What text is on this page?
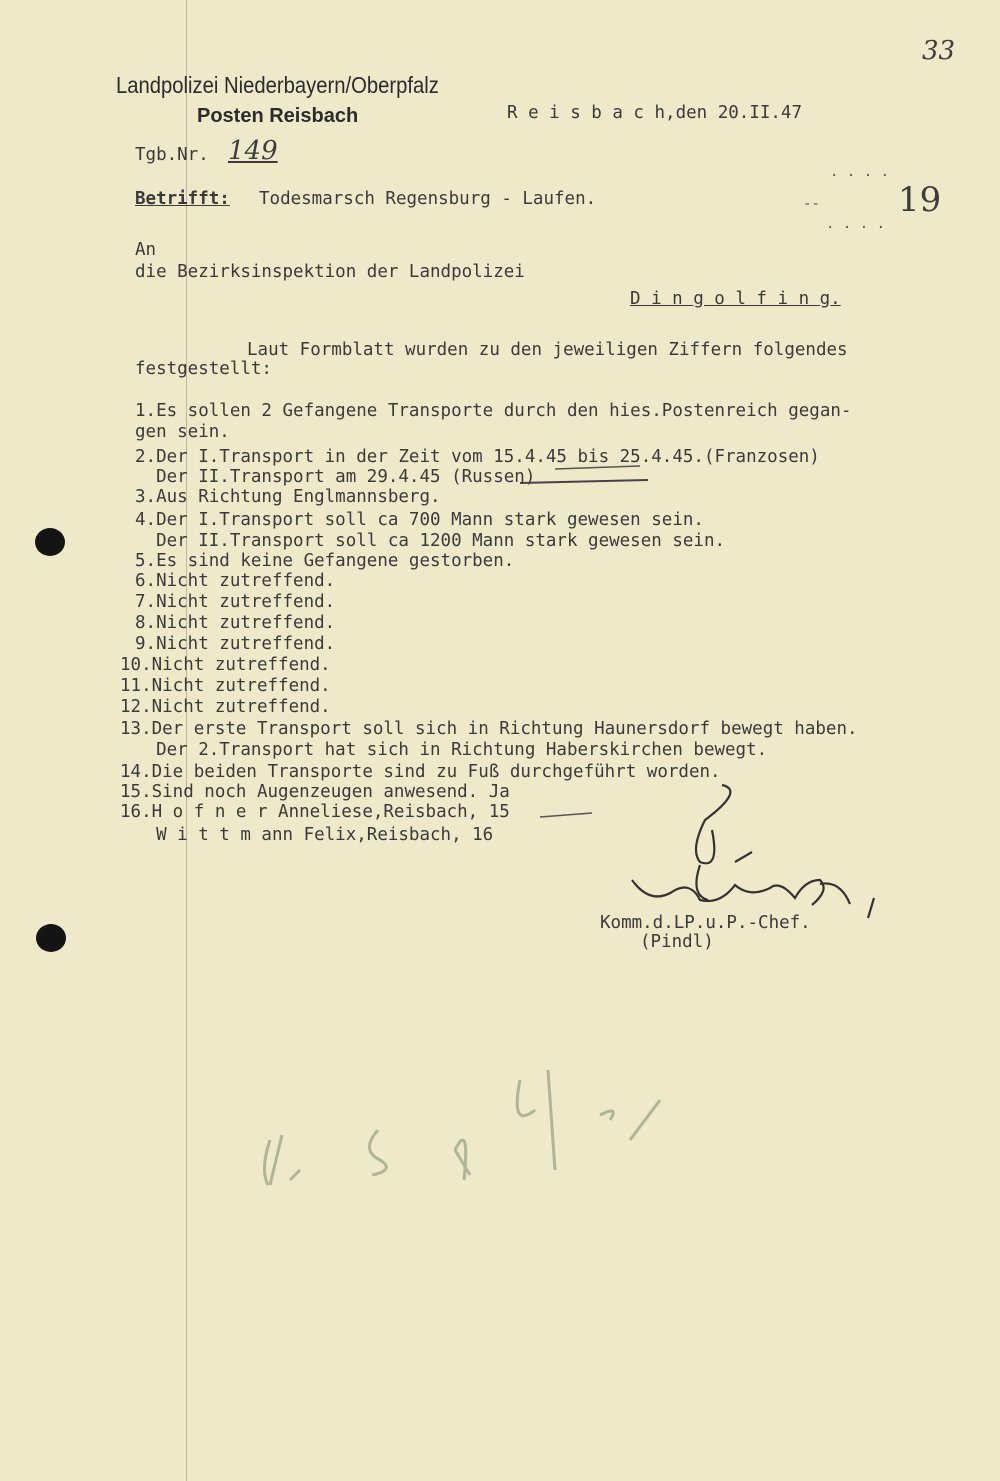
33
Landpolizei Niederbayern/Oberpfalz
Posten Reisbach	R e i s b a c h,den 20.II.47
Tgb.Nr. 149
Betrifft: Todesmarsch Regensburg - Laufen.
. . . .
--
. . . .
19
An
die Bezirksinspektion der Landpolizei
D i n g o l f i n g.
Laut Formblatt wurden zu den jeweiligen Ziffern folgendes
festgestellt:
1.Es sollen 2 Gefangene Transporte durch den hies.Postenreich gegan-
gen sein.
2.Der I.Transport in der Zeit vom 15.4.45 bis 25.4.45.(Franzosen)
Der II.Transport am 29.4.45 (Russen)
3.Aus Richtung Englmannsberg.
4.Der I.Transport soll ca 700 Mann stark gewesen sein.
Der II.Transport soll ca 1200 Mann stark gewesen sein.
5.Es sind keine Gefangene gestorben.
6.Nicht zutreffend.
7.Nicht zutreffend.
8.Nicht zutreffend.
9.Nicht zutreffend.
10.Nicht zutreffend.
11.Nicht zutreffend.
12.Nicht zutreffend.
13.Der erste Transport soll sich in Richtung Haunersdorf bewegt haben.
Der 2.Transport hat sich in Richtung Haberskirchen bewegt.
14.Die beiden Transporte sind zu Fuß durchgeführt worden.
15.Sind noch Augenzeugen anwesend. Ja
16.H o f n e r Anneliese,Reisbach, 15
W i t t m ann Felix,Reisbach, 16
Komm.d.LP.u.P.-Chef.
(Pindl)
